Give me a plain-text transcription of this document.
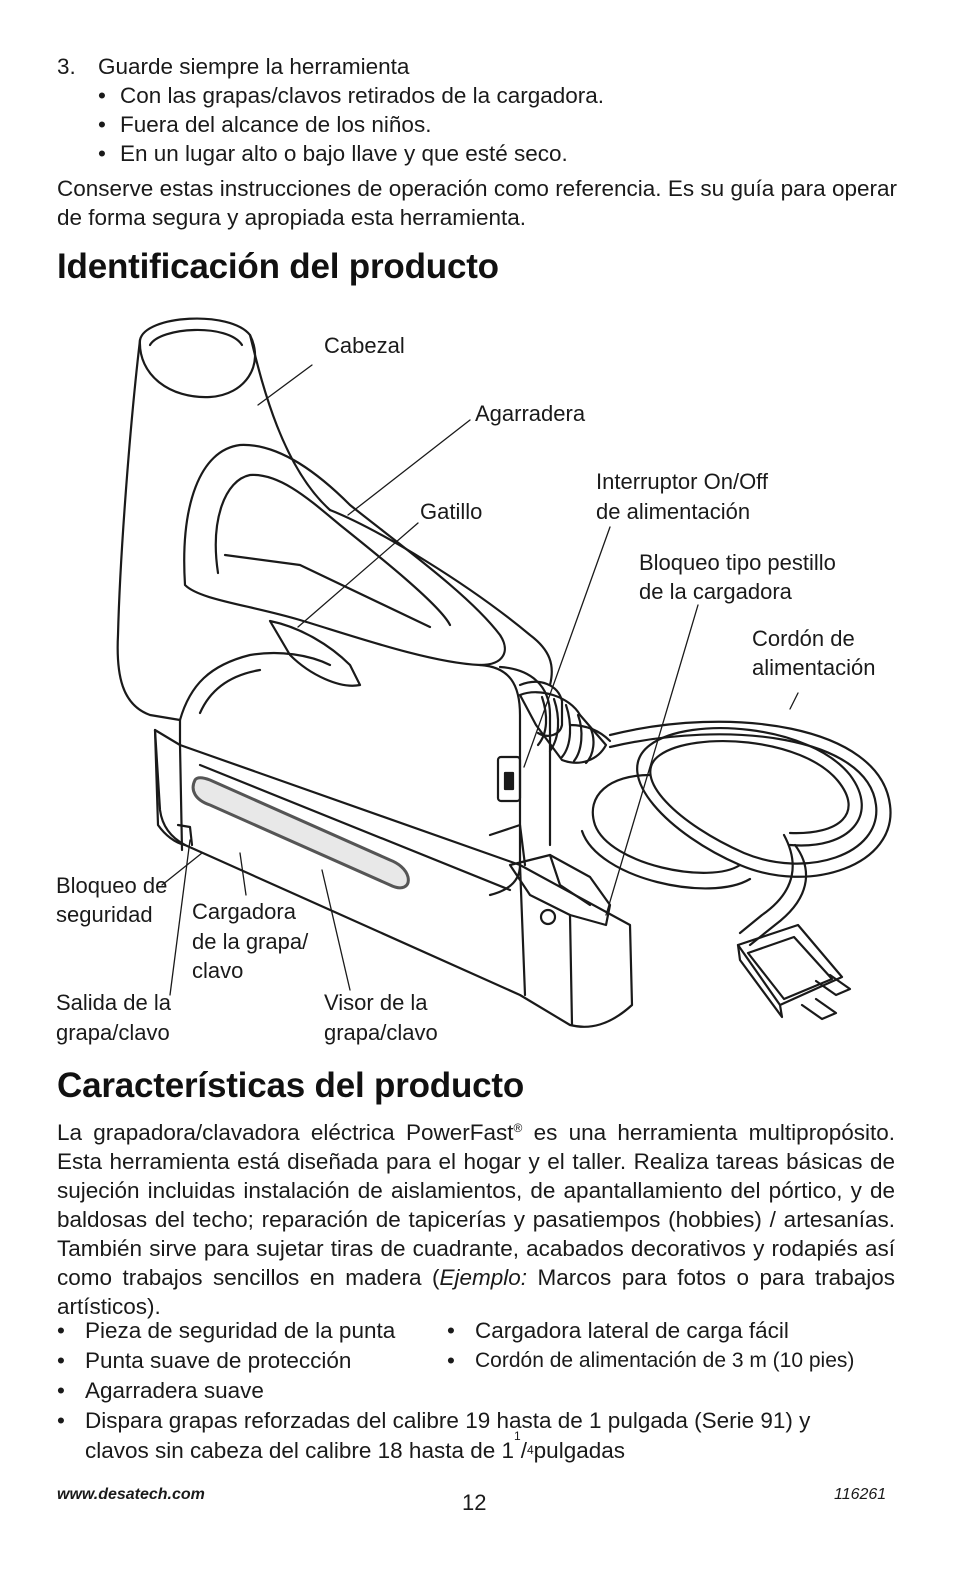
3. Guarde siempre la herramienta
• Con las grapas/clavos retirados de la cargadora.
• Fuera del alcance de los niños.
• En un lugar alto o bajo llave y que esté seco.
Conserve estas instrucciones de operación como referencia. Es su guía para operar de forma segura y apropiada esta herramienta.
Identificación del producto
Cabezal
Agarradera
Gatillo
Interruptor On/Off
de alimentación
Bloqueo tipo pestillo
de la cargadora
Cordón de
alimentación
Bloqueo de
seguridad Cargadora
de la grapa/
clavo
Salida de la
grapa/clavo
Visor de la
grapa/clavo
Características del producto
La grapadora/clavadora eléctrica PowerFast® es una herramienta multipropósito. Esta herramienta está diseñada para el hogar y el taller. Realiza tareas básicas de sujeción incluidas instalación de aislamientos, de apantallamiento del pórtico, y de baldosas del techo; reparación de tapicerías y pasatiempos (hobbies) / artesanías. También sirve para sujetar tiras de cuadrante, acabados decorativos y rodapiés así como trabajos sencillos en madera (Ejemplo: Marcos para fotos o para trabajos artísticos).
• Pieza de seguridad de la punta • Cargadora lateral de carga fácil
• Punta suave de protección	• Cordón de alimentación de 3 m (10 pies)
• Agarradera suave
• Dispara grapas reforzadas del calibre 19 hasta de 1 pulgada (Serie 91) y
clavos sin cabeza del calibre 18 hasta de 1
1
/ 4 pulgadas
www.desatech.com	12	116261
